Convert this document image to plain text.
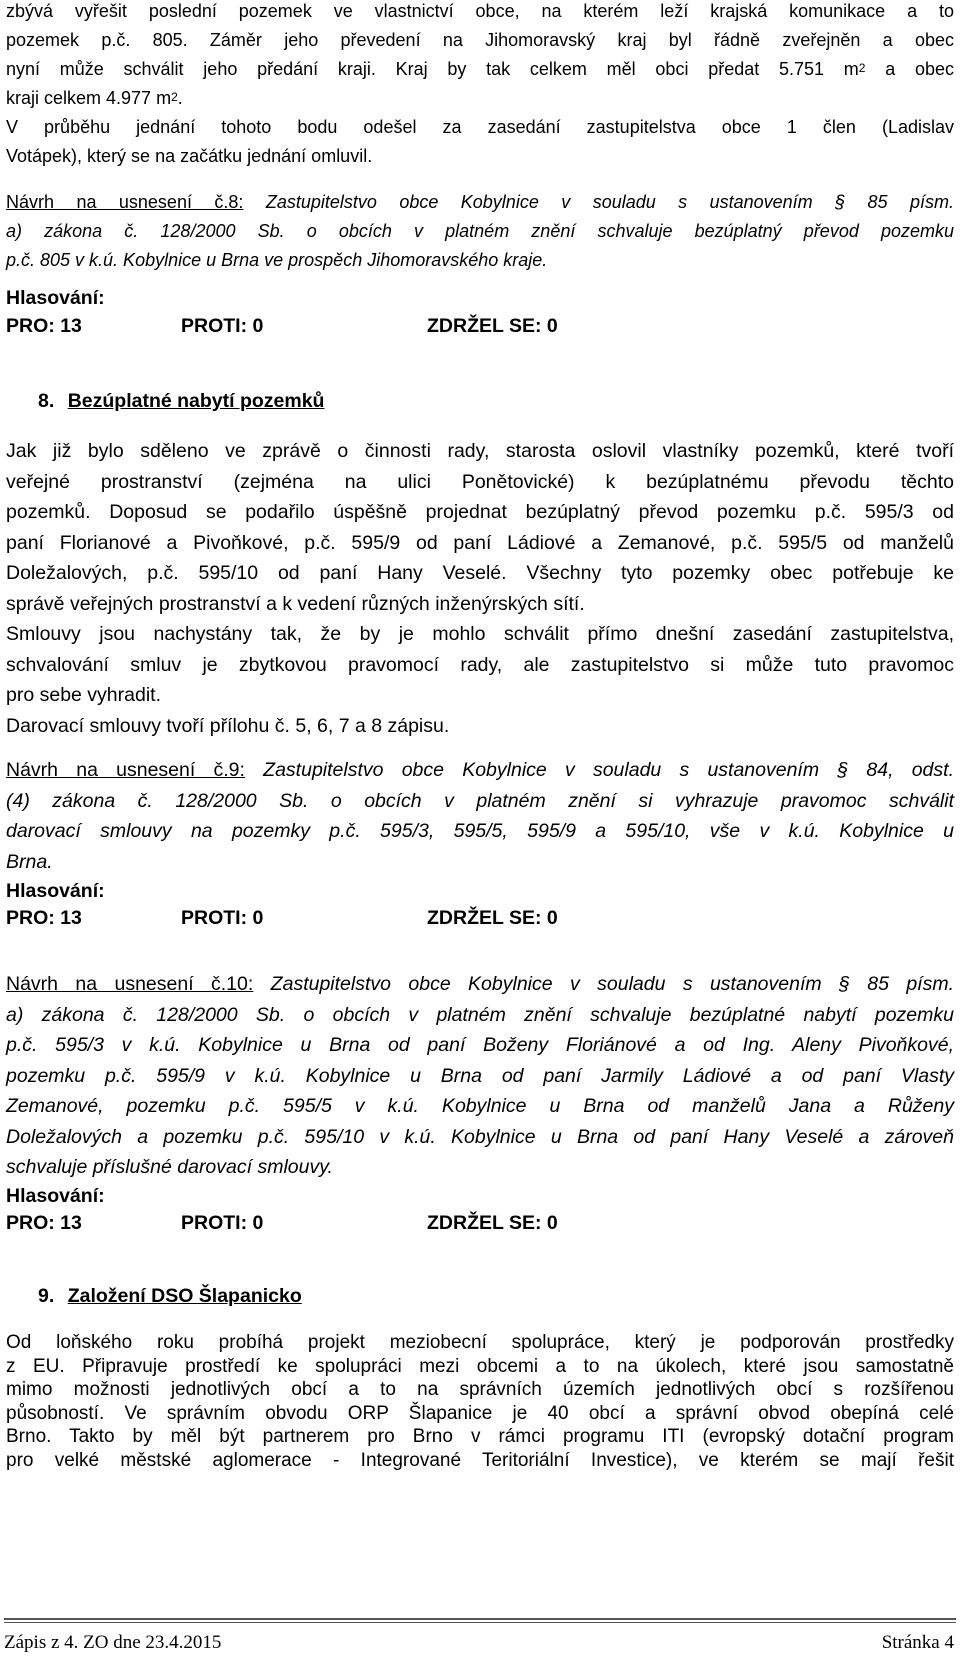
zbývá vyřešit poslední pozemek ve vlastnictví obce, na kterém leží krajská komunikace a to
pozemek p.č. 805. Záměr jeho převedení na Jihomoravský kraj byl řádně zveřejněn a obec
nyní může schválit jeho předání kraji. Kraj by tak celkem měl obci předat 5.751 $m^2$ a obec
kraji celkem 4.977 $m^2$.
V průběhu jednání tohoto bodu odešel za zasedání zastupitelstva obce 1 člen (Ladislav
Votápek), který se na začátku jednání omluvil.
Návrh na usnesení č.8: Zastupitelstvo obce Kobylnice v souladu s ustanovením § 85 písm.
a) zákona č. 128/2000 Sb. o obcích v platném znění schvaluje bezúplatný převod pozemku
p.č. 805 v k.ú. Kobylnice u Brna ve prospěch Jihomoravského kraje.
Hlasování:
PRO: 13	PROTI: 0	ZDRŽEL SE: 0
8. Bezúplatné nabytí pozemků
Jak již bylo sděleno ve zprávě o činnosti rady, starosta oslovil vlastníky pozemků, které tvoří
veřejné prostranství (zejména na ulici Ponětovické) k bezúplatnému převodu těchto
pozemků. Doposud se podařilo úspěšně projednat bezúplatný převod pozemku p.č. 595/3 od
paní Florianové a Pivoňkové, p.č. 595/9 od paní Ládiové a Zemanové, p.č. 595/5 od manželů
Doležalových, p.č. 595/10 od paní Hany Veselé. Všechny tyto pozemky obec potřebuje ke
správě veřejných prostranství a k vedení různých inženýrských sítí.
Smlouvy jsou nachystány tak, že by je mohlo schválit přímo dnešní zasedání zastupitelstva,
schvalování smluv je zbytkovou pravomocí rady, ale zastupitelstvo si může tuto pravomoc
pro sebe vyhradit.
Darovací smlouvy tvoří přílohu č. 5, 6, 7 a 8 zápisu.
Návrh na usnesení č.9: Zastupitelstvo obce Kobylnice v souladu s ustanovením § 84, odst.
(4) zákona č. 128/2000 Sb. o obcích v platném znění si vyhrazuje pravomoc schválit
darovací smlouvy na pozemky p.č. 595/3, 595/5, 595/9 a 595/10, vše v k.ú. Kobylnice u
Brna.
Hlasování:
PRO: 13	PROTI: 0	ZDRŽEL SE: 0
Návrh na usnesení č.10: Zastupitelstvo obce Kobylnice v souladu s ustanovením § 85 písm.
a) zákona č. 128/2000 Sb. o obcích v platném znění schvaluje bezúplatné nabytí pozemku
p.č. 595/3 v k.ú. Kobylnice u Brna od paní Boženy Floriánové a od Ing. Aleny Pivoňkové,
pozemku p.č. 595/9 v k.ú. Kobylnice u Brna od paní Jarmily Ládiové a od paní Vlasty
Zemanové, pozemku p.č. 595/5 v k.ú. Kobylnice u Brna od manželů Jana a Růženy
Doležalových a pozemku p.č. 595/10 v k.ú. Kobylnice u Brna od paní Hany Veselé a zároveň
schvaluje příslušné darovací smlouvy.
Hlasování:
PRO: 13	PROTI: 0	ZDRŽEL SE: 0
9. Založení DSO Šlapanicko
Od loňského roku probíhá projekt meziobecní spolupráce, který je podporován prostředky
z EU. Připravuje prostředí ke spolupráci mezi obcemi a to na úkolech, které jsou samostatně
mimo možnosti jednotlivých obcí a to na správních územích jednotlivých obcí s rozšířenou
působností. Ve správním obvodu ORP Šlapanice je 40 obcí a správní obvod obepíná celé
Brno. Takto by měl být partnerem pro Brno v rámci programu ITI (evropský dotační program
pro velké městské aglomerace - Integrované Teritoriální Investice), ve kterém se mají řešit
Zápis z 4. ZO dne 23.4.2015	Stránka 4
